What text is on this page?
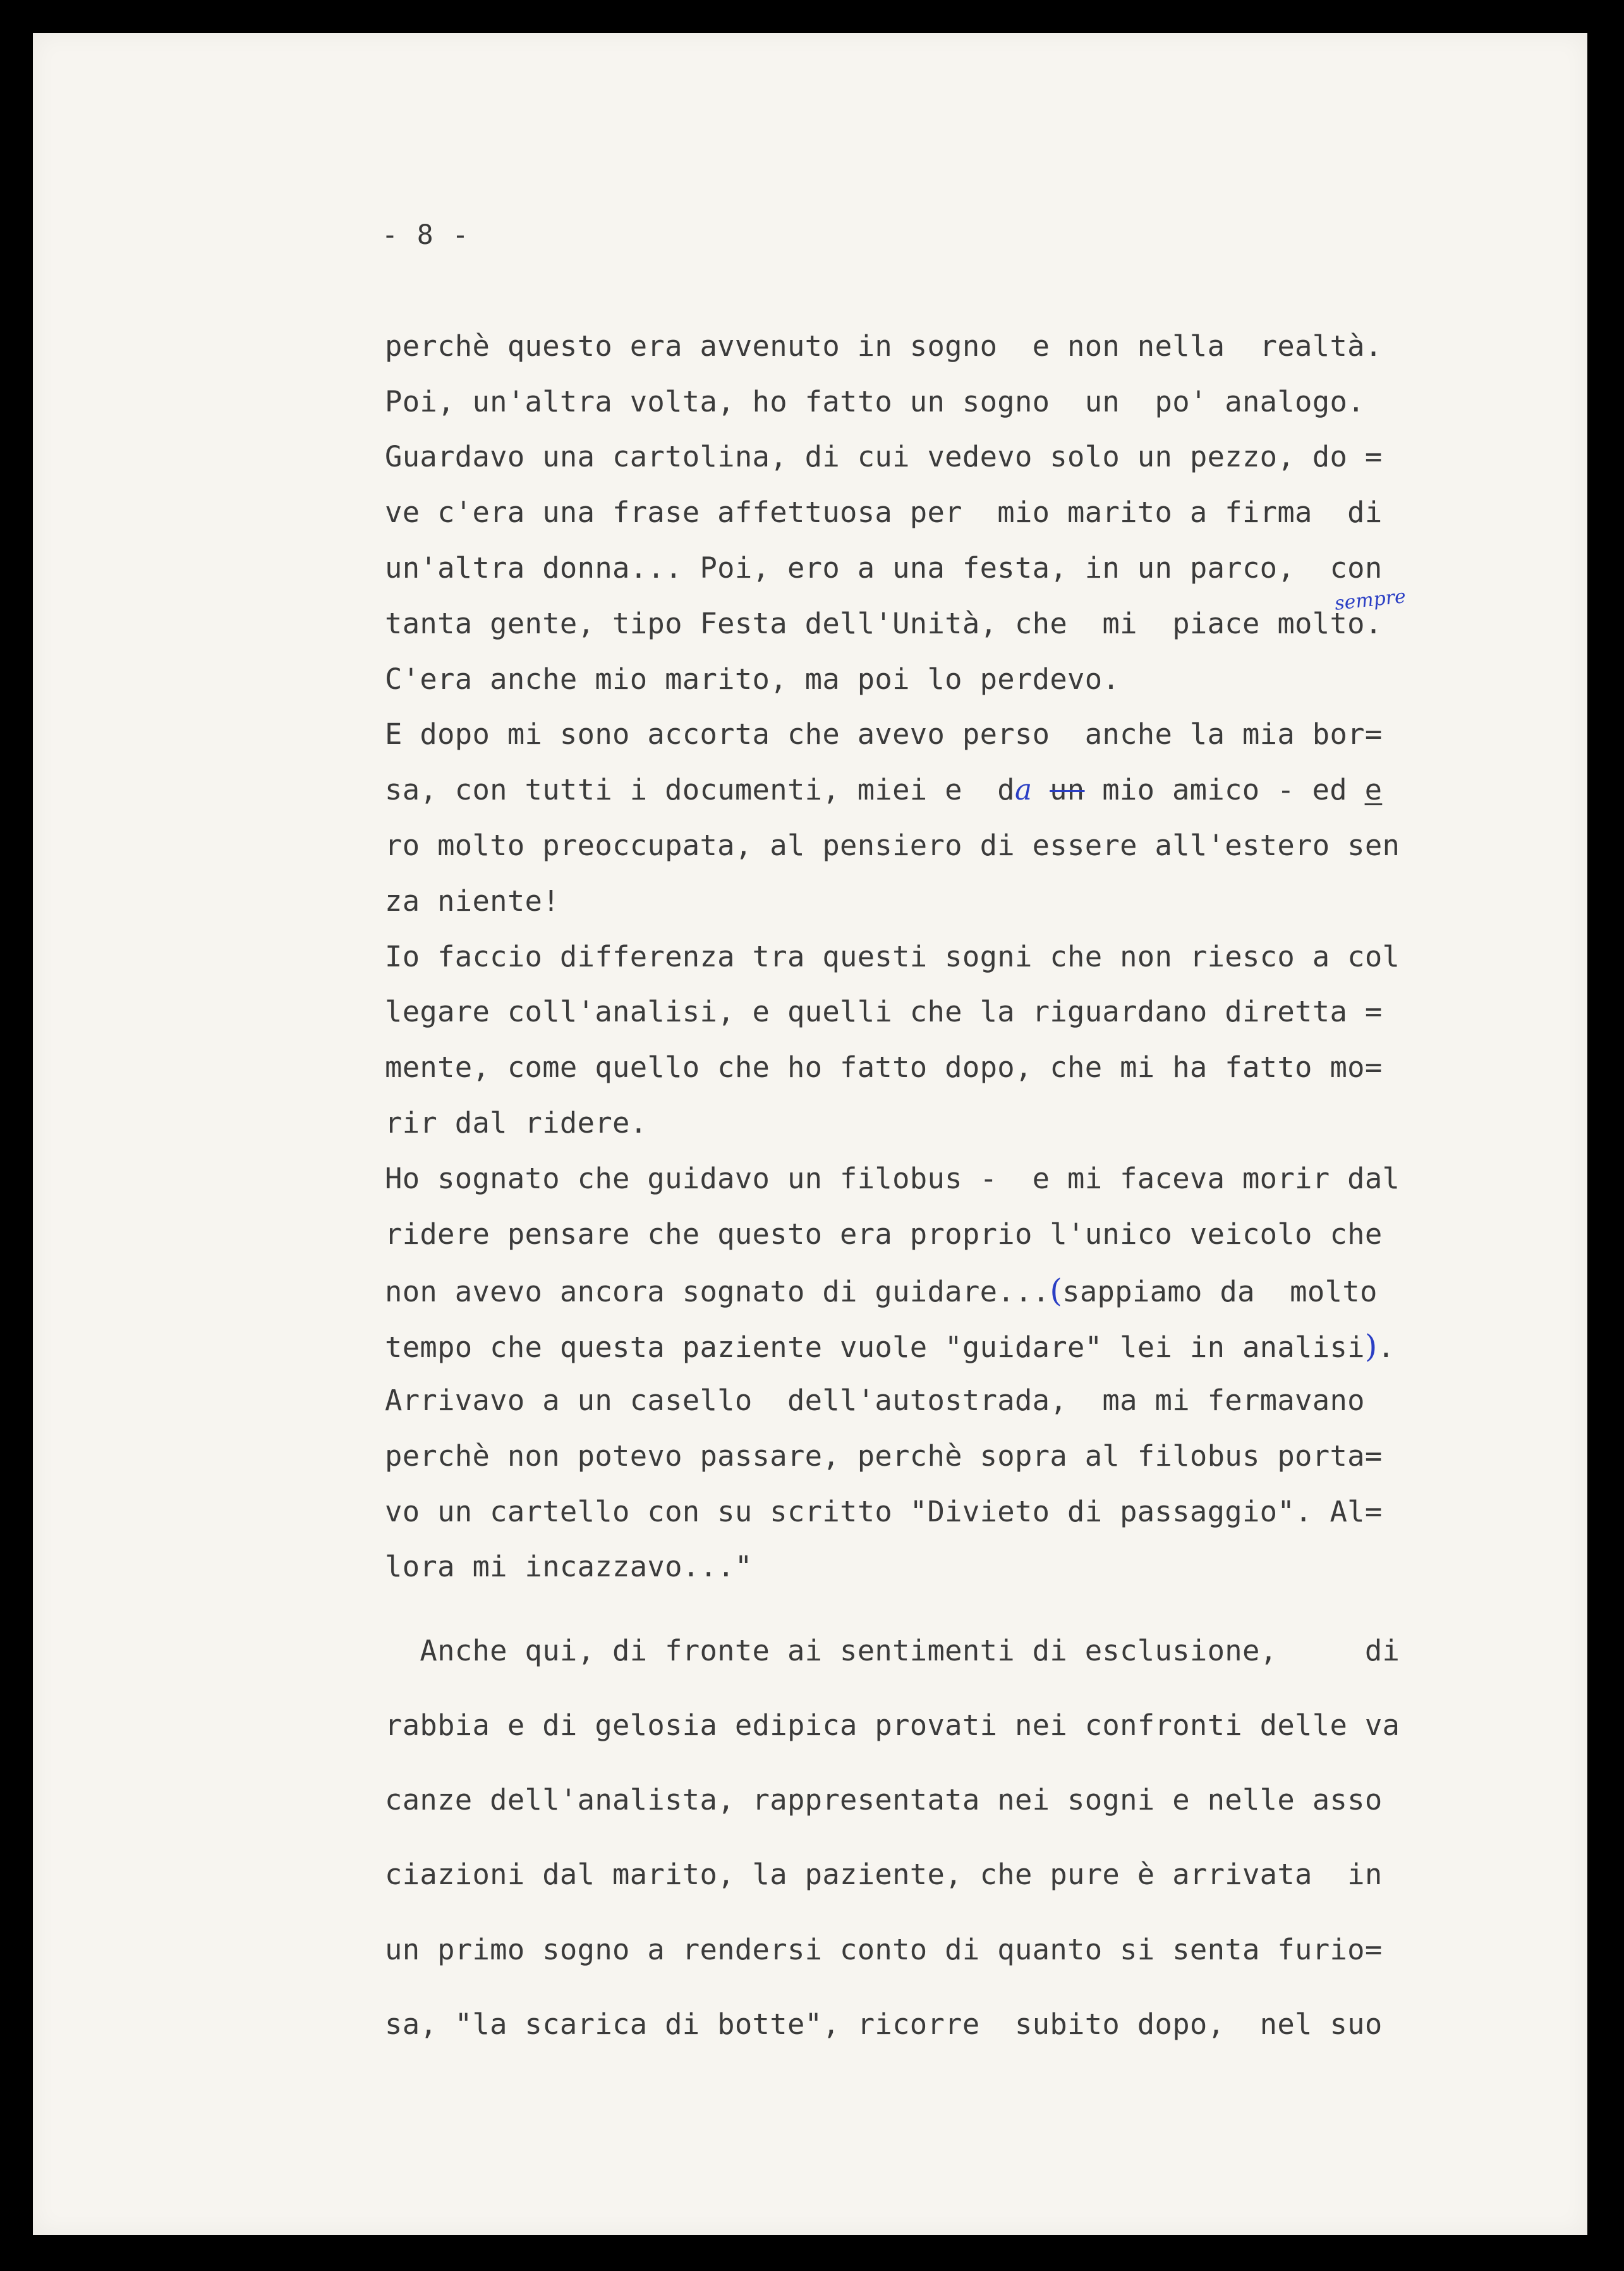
- 8 -
sempre
perchè questo era avvenuto in sogno  e non nella  realtà.
Poi, un'altra volta, ho fatto un sogno  un  po' analogo.
Guardavo una cartolina, di cui vedevo solo un pezzo, do =
ve c'era una frase affettuosa per  mio marito a firma  di
un'altra donna... Poi, ero a una festa, in un parco,  con
tanta gente, tipo Festa dell'Unità, che  mi  piace molto.
C'era anche mio marito, ma poi lo perdevo.
E dopo mi sono accorta che avevo perso  anche la mia bor=
sa, con tutti i documenti, miei e  da un mio amico - ed e
ro molto preoccupata, al pensiero di essere all'estero sen
za niente!
Io faccio differenza tra questi sogni che non riesco a col
legare coll'analisi, e quelli che la riguardano diretta =
mente, come quello che ho fatto dopo, che mi ha fatto mo=
rir dal ridere.
Ho sognato che guidavo un filobus -  e mi faceva morir dal
ridere pensare che questo era proprio l'unico veicolo che
non avevo ancora sognato di guidare...(sappiamo da  molto
tempo che questa paziente vuole "guidare" lei in analisi).
Arrivavo a un casello  dell'autostrada,  ma mi fermavano
perchè non potevo passare, perchè sopra al filobus porta=
vo un cartello con su scritto "Divieto di passaggio". Al=
lora mi incazzavo..."
Anche qui, di fronte ai sentimenti di esclusione,     di
rabbia e di gelosia edipica provati nei confronti delle va
canze dell'analista, rappresentata nei sogni e nelle asso
ciazioni dal marito, la paziente, che pure è arrivata  in
un primo sogno a rendersi conto di quanto si senta furio=
sa, "la scarica di botte", ricorre  subito dopo,  nel suo
